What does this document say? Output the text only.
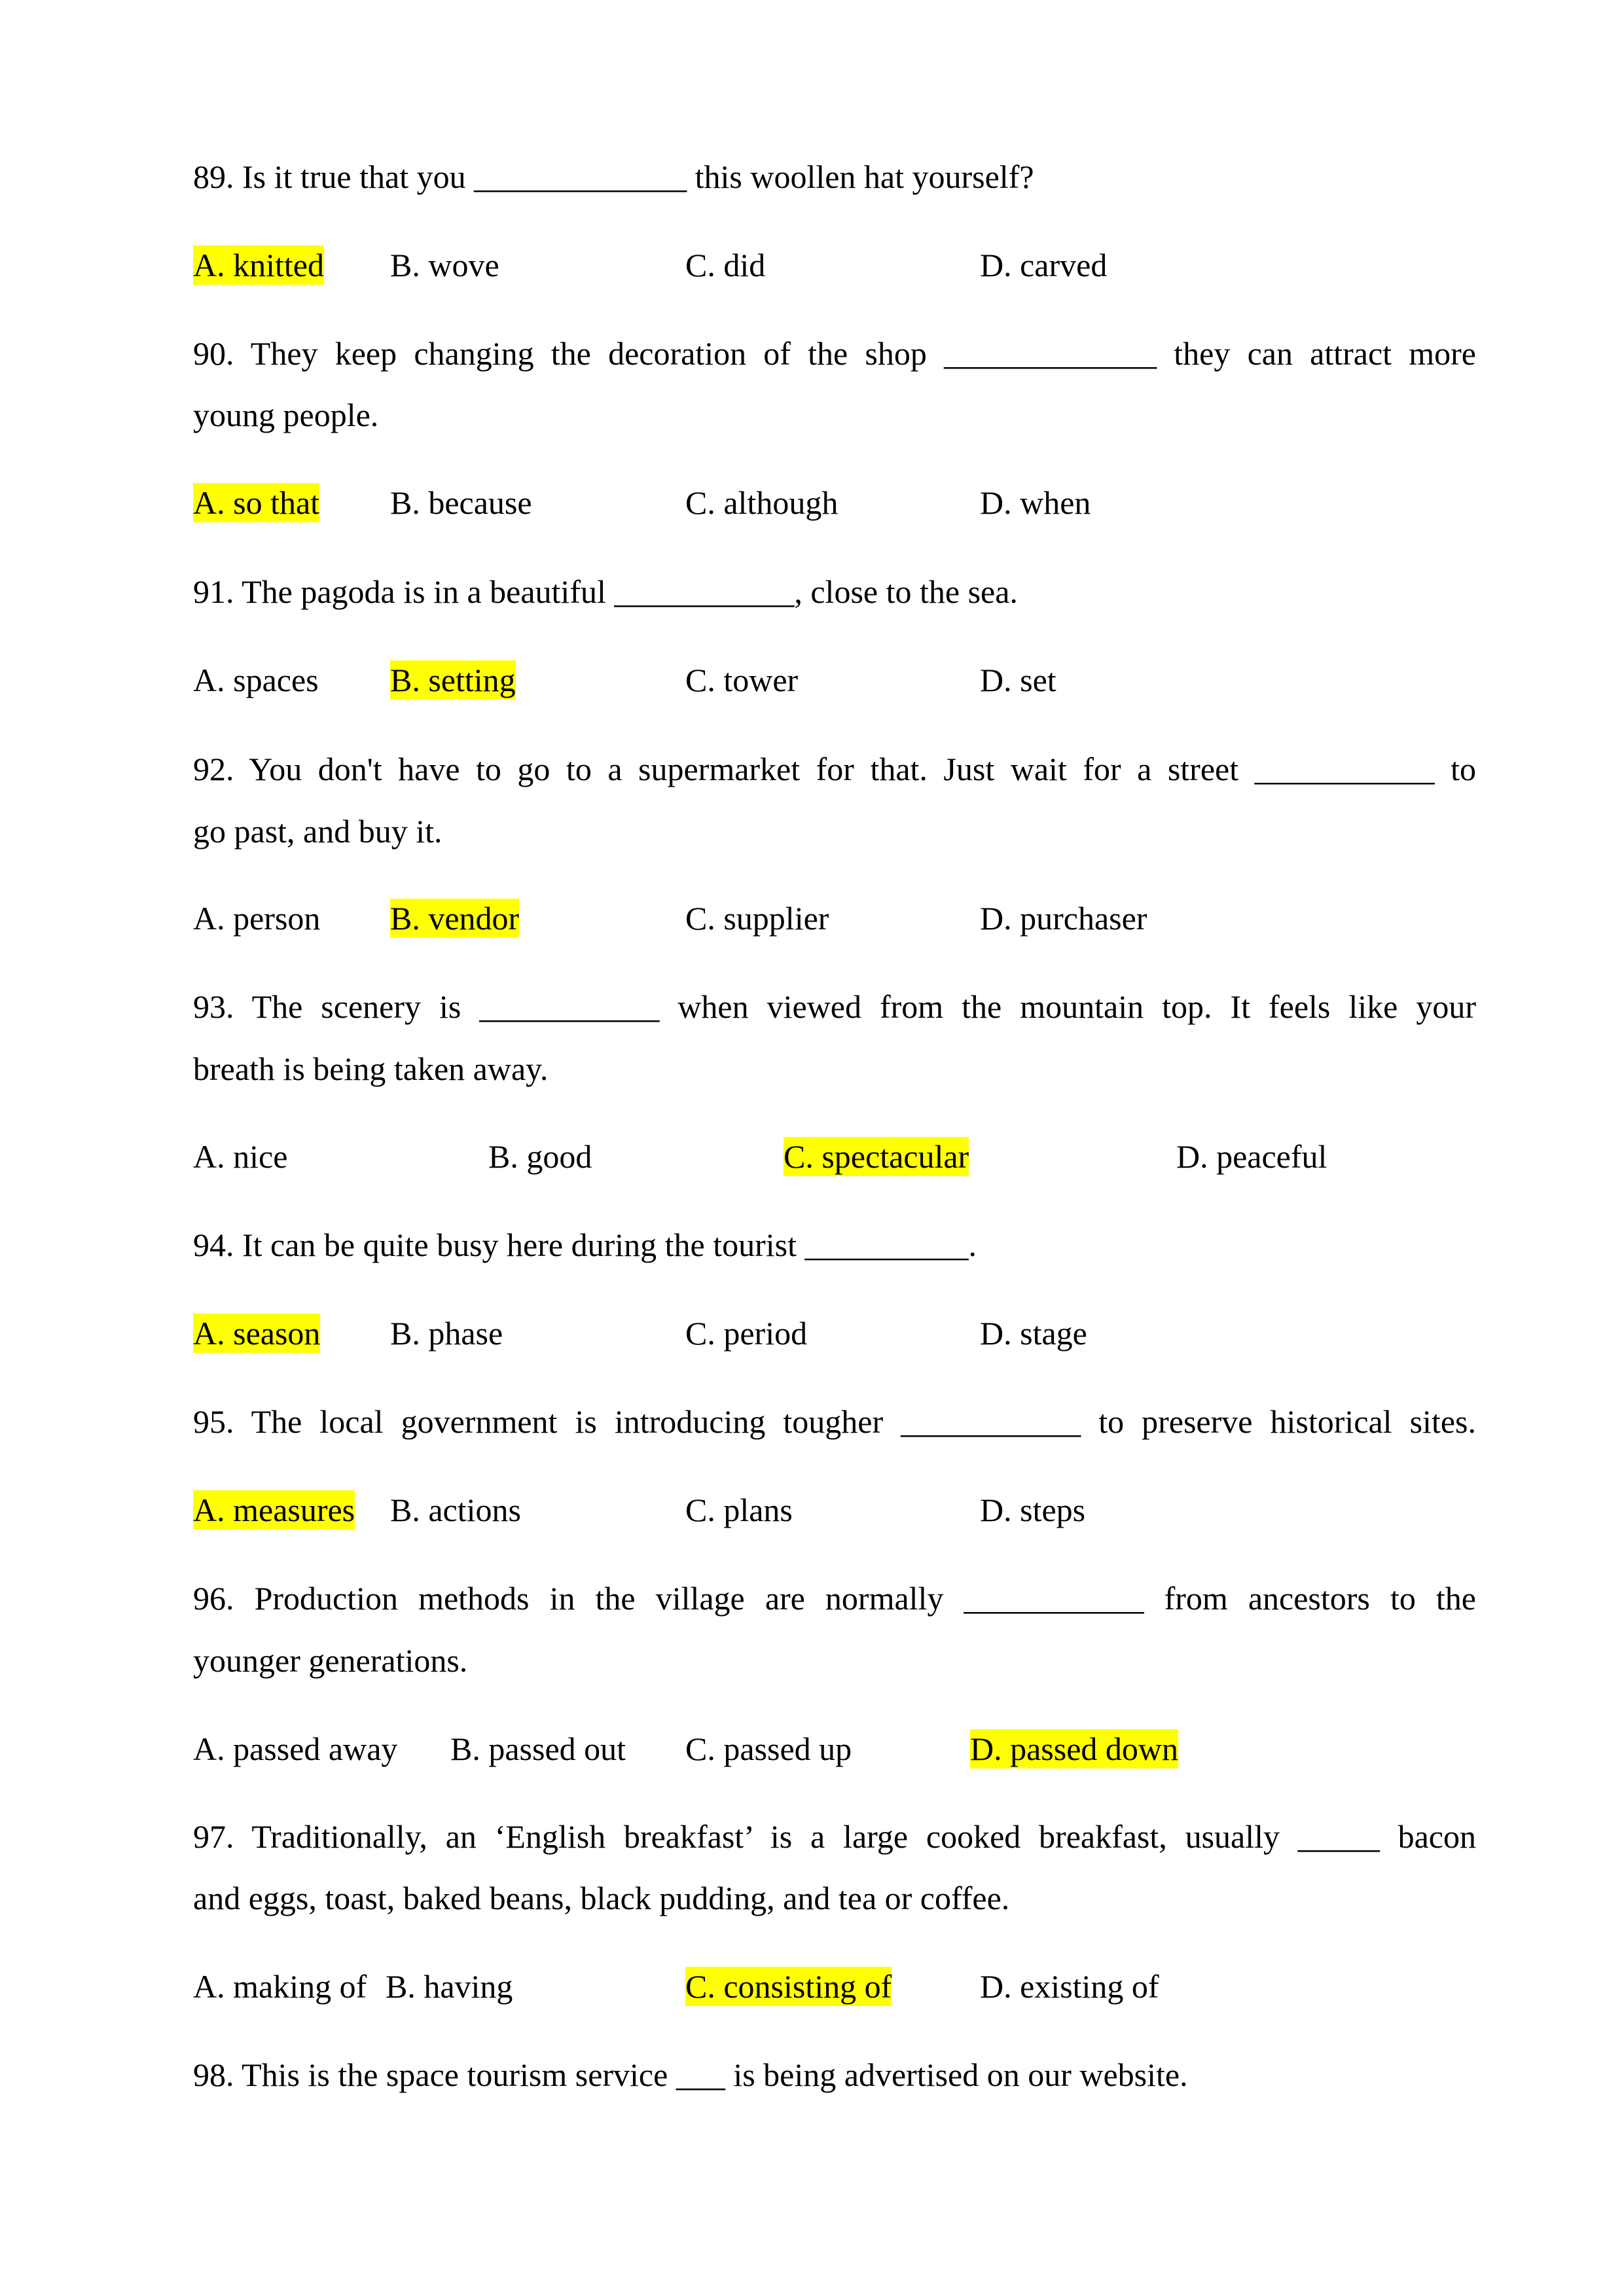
89. Is it true that you _____________ this woollen hat yourself?
A. knitted B. wove	C. did	D. carved
90. They keep changing the decoration of the shop _____________ they can attract more
young people.
A. so that B. because	C. although	D. when
91. The pagoda is in a beautiful ___________, close to the sea.
A. spaces B. setting	C. tower	D. set
92. You don't have to go to a supermarket for that. Just wait for a street ___________ to
go past, and buy it.
A. person B. vendor	C. supplier	D. purchaser
93. The scenery is ___________ when viewed from the mountain top. It feels like your
breath is being taken away.
A. nice	B. good	C. spectacular	D. peaceful
94. It can be quite busy here during the tourist __________.
A. season B. phase	C. period	D. stage
95. The local government is introducing tougher ___________ to preserve historical sites.
A. measures B. actions	C. plans	D. steps
96. Production methods in the village are normally ___________ from ancestors to the
younger generations.
A. passed away B. passed out C. passed up	D. passed down
97. Traditionally, an ‘English breakfast’ is a large cooked breakfast, usually _____ bacon
and eggs, toast, baked beans, black pudding, and tea or coffee.
A. making of B. having	C. consisting of	D. existing of
98. This is the space tourism service ___ is being advertised on our website.
